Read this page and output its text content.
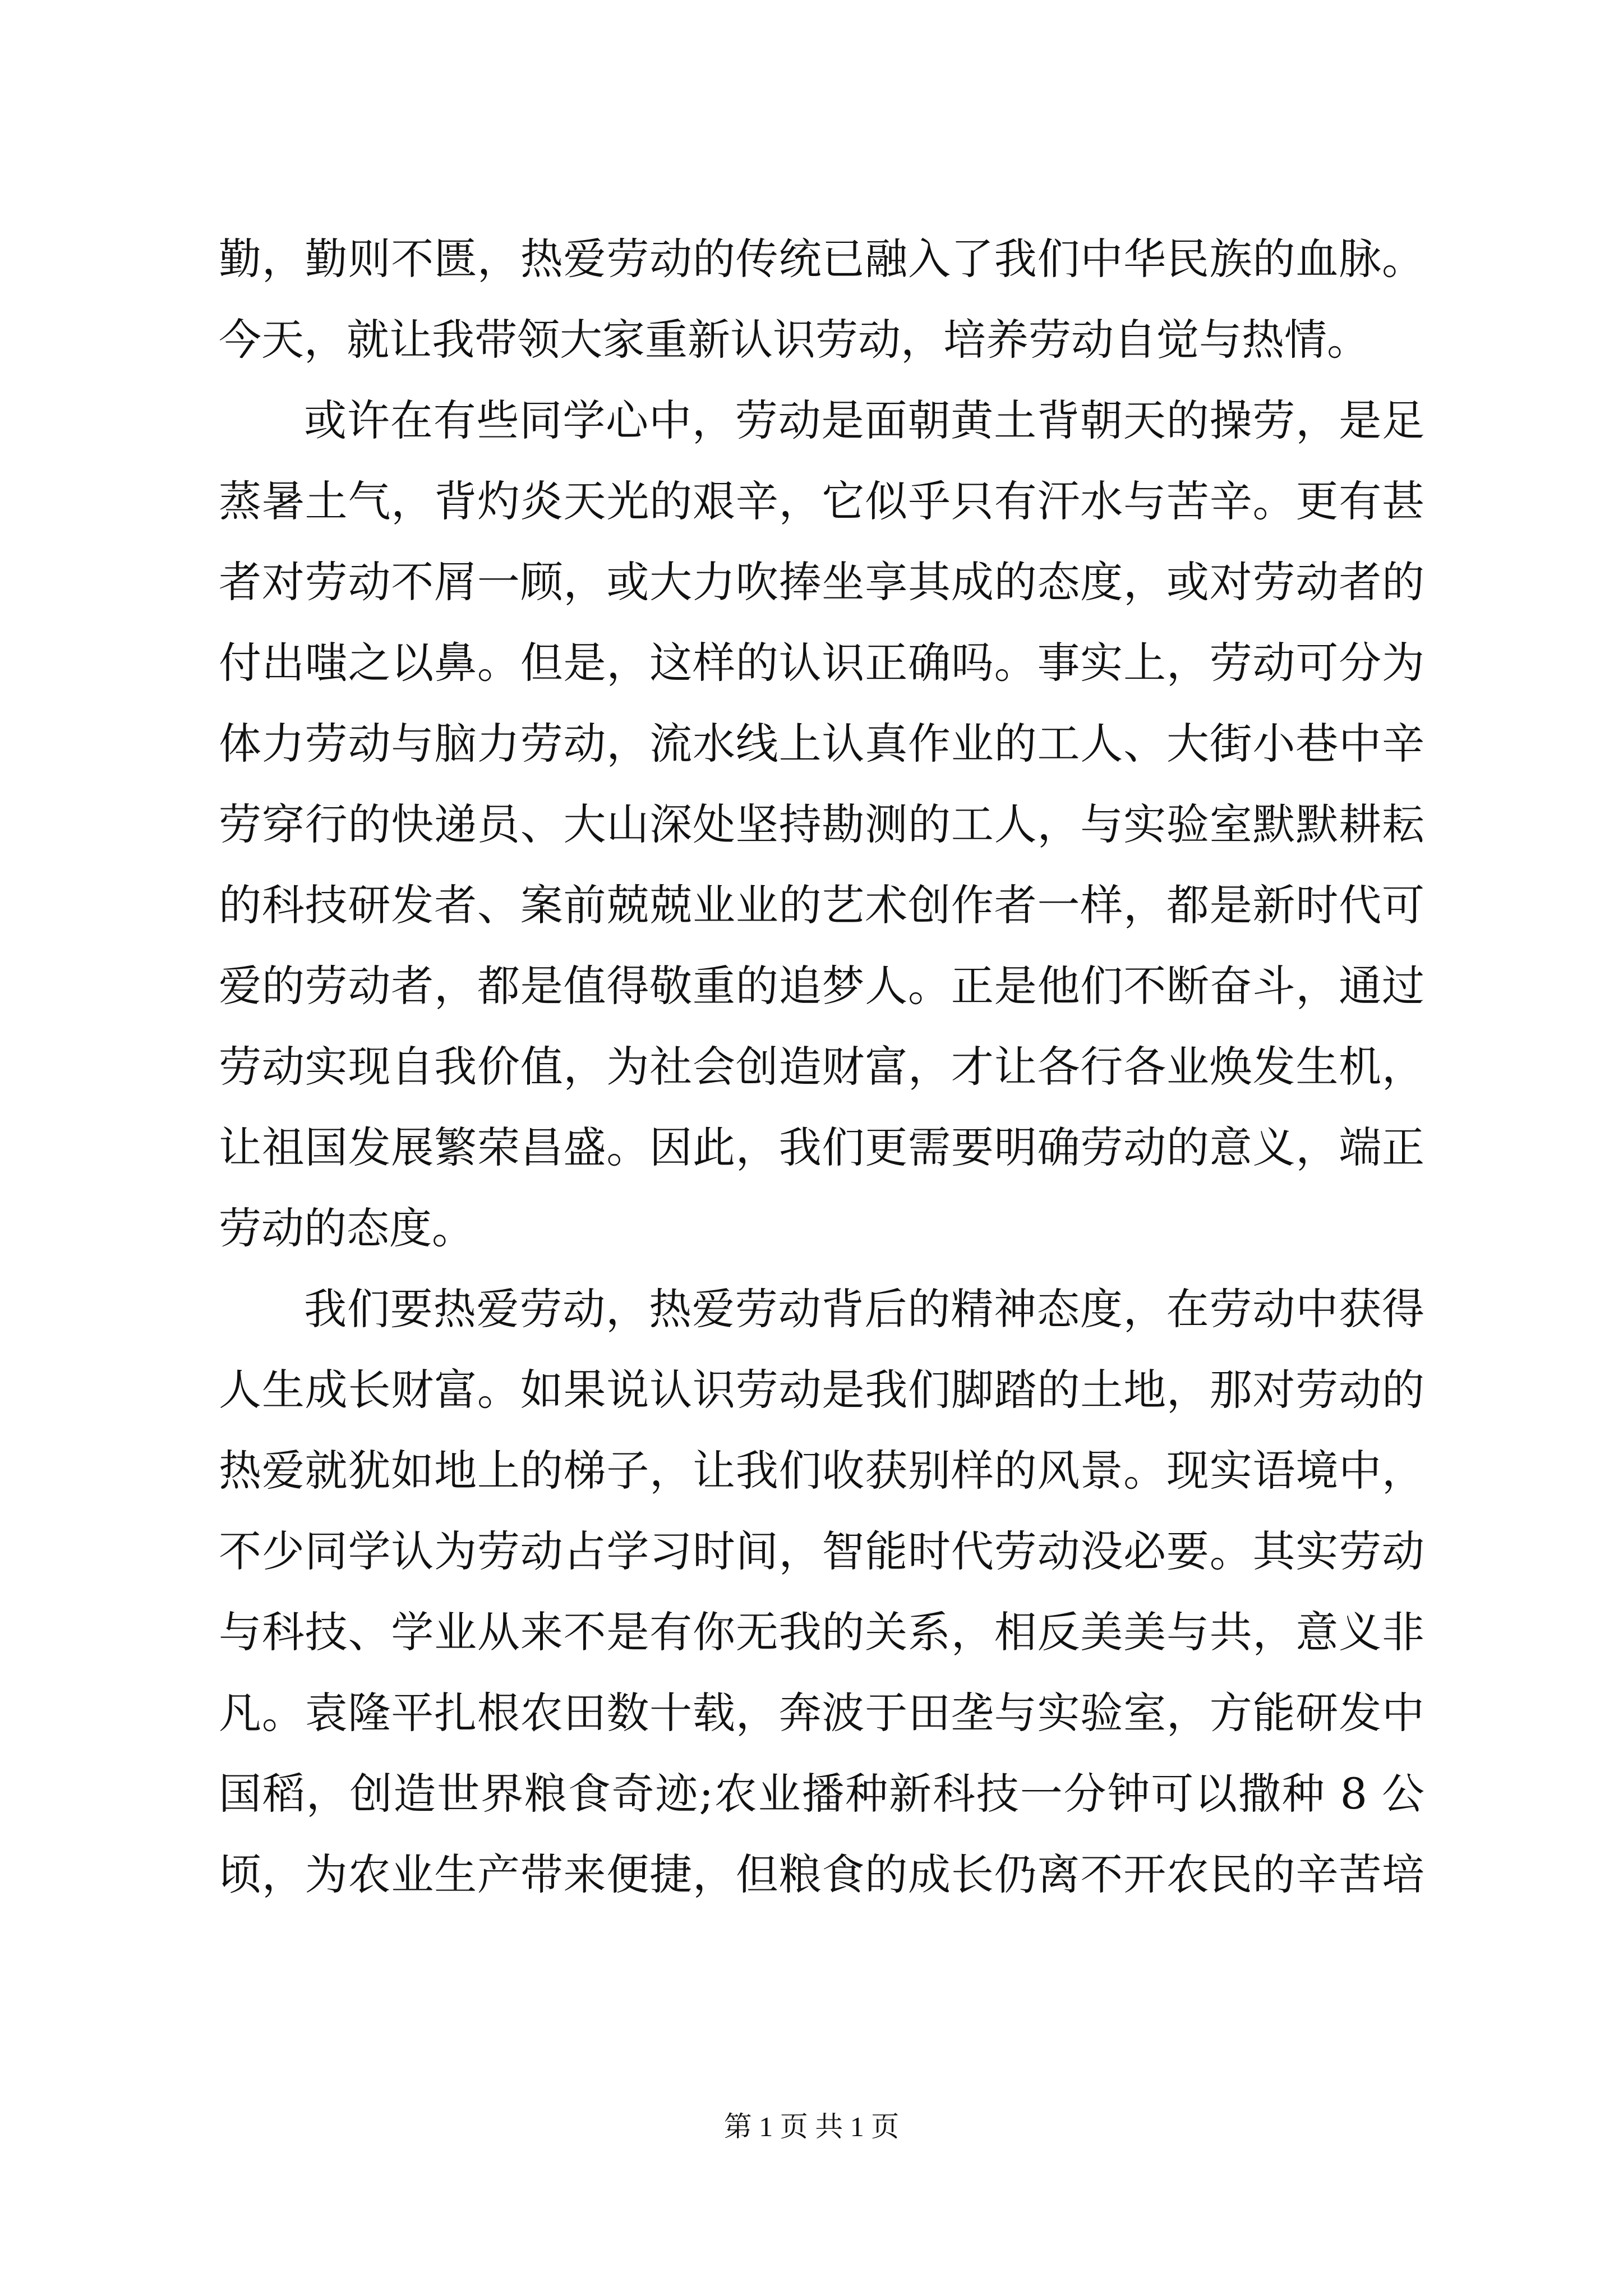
勤，勤则不匮，热爱劳动的传统已融入了我们中华民族的血脉。
今天，就让我带领大家重新认识劳动，培养劳动自觉与热情。
或许在有些同学心中，劳动是面朝黄土背朝天的操劳，是足
蒸暑土气，背灼炎天光的艰辛，它似乎只有汗水与苦辛。更有甚
者对劳动不屑一顾，或大力吹捧坐享其成的态度，或对劳动者的
付出嗤之以鼻。但是，这样的认识正确吗。事实上，劳动可分为
体力劳动与脑力劳动，流水线上认真作业的工人、大街小巷中辛
劳穿行的快递员、大山深处坚持勘测的工人，与实验室默默耕耘
的科技研发者、案前兢兢业业的艺术创作者一样，都是新时代可
爱的劳动者，都是值得敬重的追梦人。正是他们不断奋斗，通过
劳动实现自我价值，为社会创造财富，才让各行各业焕发生机，
让祖国发展繁荣昌盛。因此，我们更需要明确劳动的意义，端正
劳动的态度。
我们要热爱劳动，热爱劳动背后的精神态度，在劳动中获得
人生成长财富。如果说认识劳动是我们脚踏的土地，那对劳动的
热爱就犹如地上的梯子，让我们收获别样的风景。现实语境中，
不少同学认为劳动占学习时间，智能时代劳动没必要。其实劳动
与科技、学业从来不是有你无我的关系，相反美美与共，意义非
凡。袁隆平扎根农田数十载，奔波于田垄与实验室，方能研发中
国稻，创造世界粮食奇迹;农业播种新科技一分钟可以撒种 8 公
顷，为农业生产带来便捷，但粮食的成长仍离不开农民的辛苦培
第 1 页 共 1 页
